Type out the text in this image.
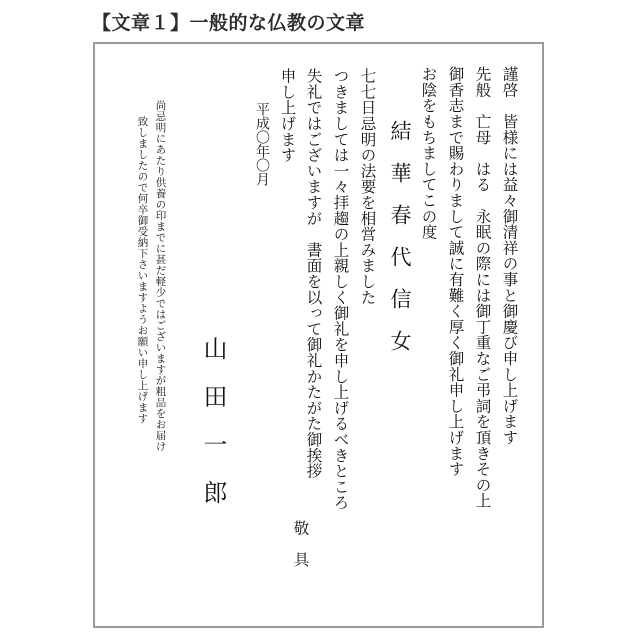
【文章１】一般的な仏教の文章
謹啓　皆様には益々御清祥の事と御慶び申し上げます
先般　亡母　はる　永眠の際には御丁重なご弔詞を頂きその上
御香志まで賜わりまして誠に有難く厚く御礼申し上げます
お陰をもちましてこの度
結　華　春　代　信　女
七七日忌明の法要を相営みました
つきましては一々拝趨の上親しく御礼を申し上げるべきところ
失礼ではございますが　書面を以って御礼かたがた御挨拶
申し上げます
敬　具
平成〇年〇月
山田一郎
尚忌明にあたり供養の印までに甚だ軽少ではございますが粗品をお届け
致しましたので何卒御受納下さいますようお願い申し上げます
